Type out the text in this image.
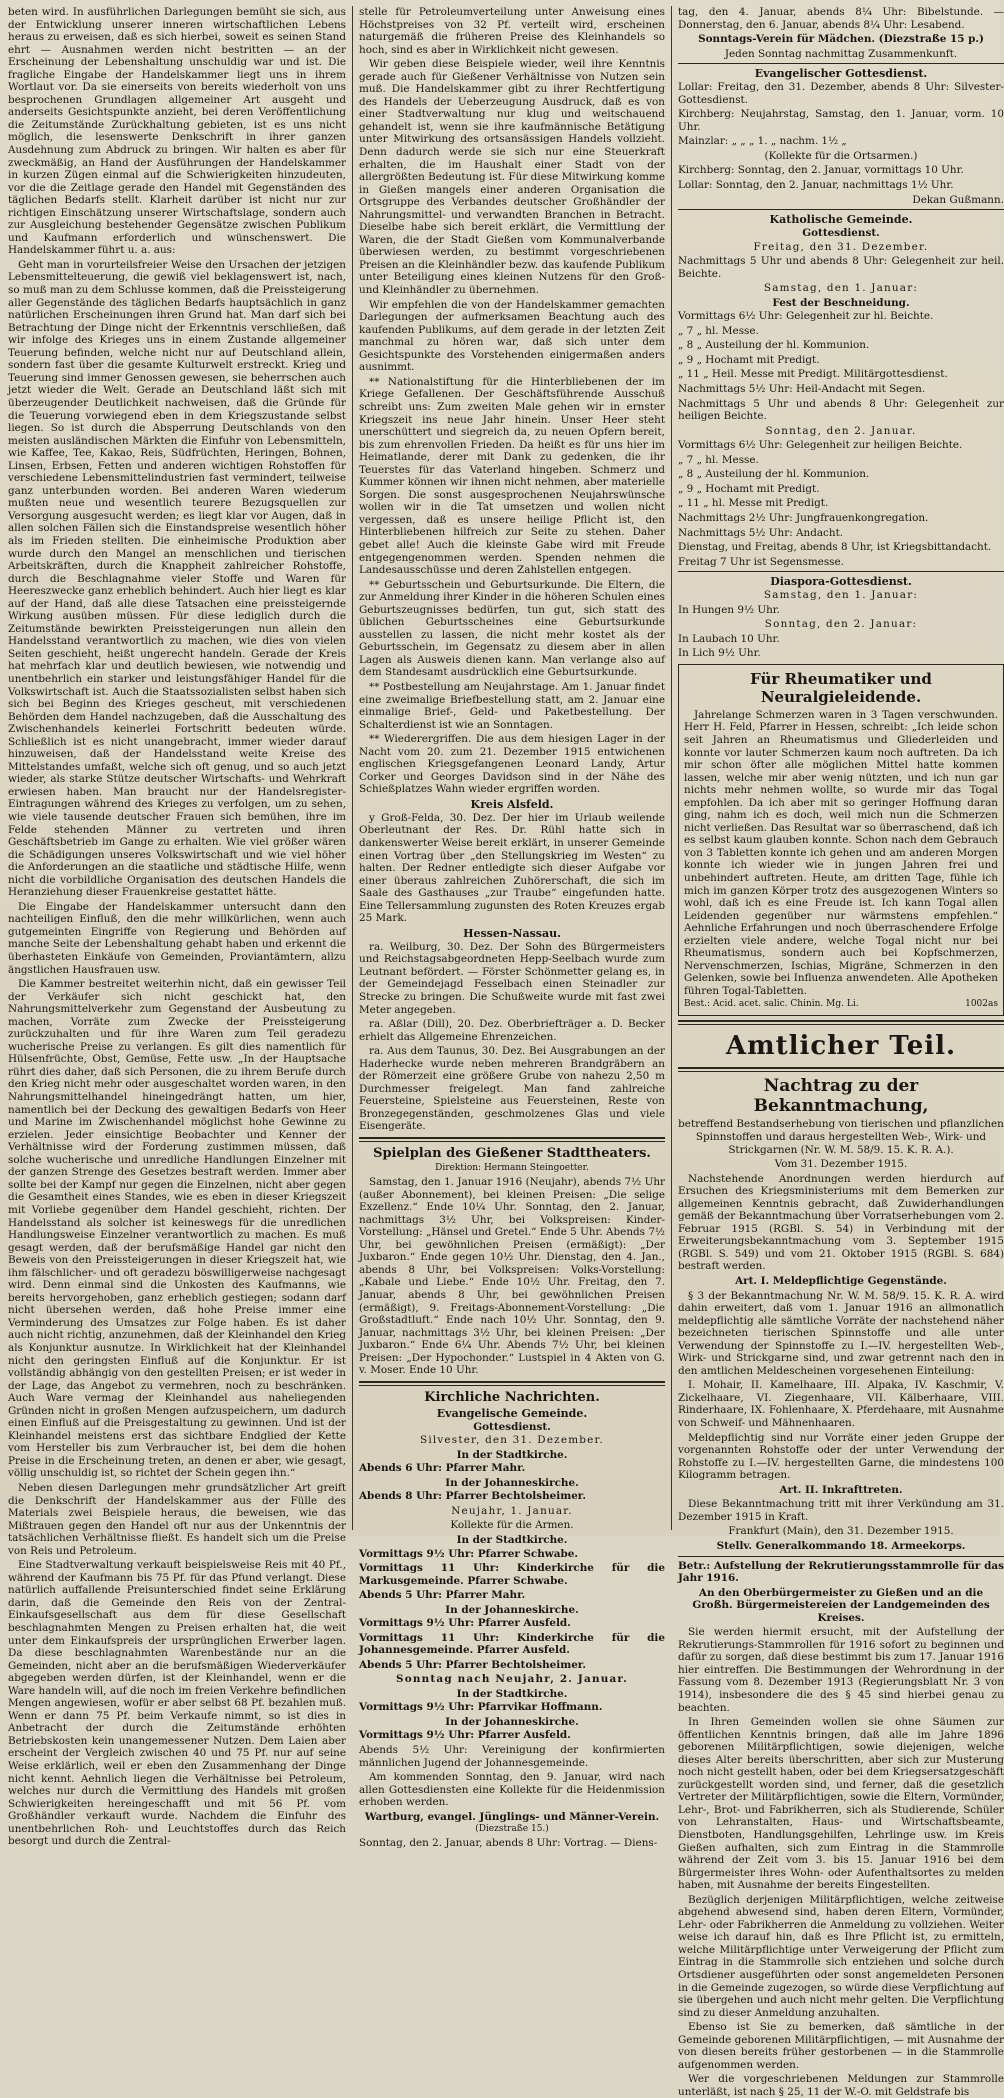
beten wird. In ausführlichen Darlegungen bemüht sie sich, aus der Entwicklung unserer inneren wirtschaftlichen Lebens heraus zu erweisen, daß es sich hierbei, soweit es seinen Stand ehrt — Ausnahmen werden nicht bestritten — an der Erscheinung der Lebenshaltung unschuldig war und ist. Die fragliche Eingabe der Handelskammer liegt uns in ihrem Wortlaut vor. Da sie einerseits von bereits wiederholt von uns besprochenen Grundlagen allgemeiner Art ausgeht und anderseits Gesichtspunkte anzieht, bei deren Veröffentlichung die Zeitumstände Zurückhaltung gebieten, ist es uns nicht möglich, die lesenswerte Denkschrift in ihrer ganzen Ausdehnung zum Abdruck zu bringen. Wir halten es aber für zweckmäßig, an Hand der Ausführungen der Handelskammer in kurzen Zügen einmal auf die Schwierigkeiten hinzudeuten, vor die die Zeitlage gerade den Handel mit Gegenständen des täglichen Bedarfs stellt. Klarheit darüber ist nicht nur zur richtigen Einschätzung unserer Wirtschaftslage, sondern auch zur Ausgleichung bestehender Gegensätze zwischen Publikum und Kaufmann erforderlich und wünschenswert. Die Handelskammer führt u. a. aus:

Geht man in vorurteilsfreier Weise den Ursachen der jetzigen Lebensmittelteuerung, die gewiß viel beklagenswert ist, nach, so muß man zu dem Schlusse kommen, daß die Preissteigerung aller Gegenstände des täglichen Bedarfs hauptsächlich in ganz natürlichen Erscheinungen ihren Grund hat. Man darf sich bei Betrachtung der Dinge nicht der Erkenntnis verschließen, daß wir infolge des Krieges uns in einem Zustande allgemeiner Teuerung befinden, welche nicht nur auf Deutschland allein, sondern fast über die gesamte Kulturwelt erstreckt. Krieg und Teuerung sind immer Genossen gewesen, sie beherrschen auch jetzt wieder die Welt. Gerade an Deutschland läßt sich mit überzeugender Deutlichkeit nachweisen, daß die Gründe für die Teuerung vorwiegend eben in dem Kriegszustande selbst liegen. So ist durch die Absperrung Deutschlands von den meisten ausländischen Märkten die Einfuhr von Lebensmitteln, wie Kaffee, Tee, Kakao, Reis, Südfrüchten, Heringen, Bohnen, Linsen, Erbsen, Fetten und anderen wichtigen Rohstoffen für verschiedene Lebensmittelindustrien fast vermindert, teilweise ganz unterbunden worden. Bei anderen Waren wiederum mußten neue und wesentlich teurere Bezugsquellen zur Versorgung ausgesucht werden; es liegt klar vor Augen, daß in allen solchen Fällen sich die Einstandspreise wesentlich höher als im Frieden stellten. Die einheimische Produktion aber wurde durch den Mangel an menschlichen und tierischen Arbeitskräften, durch die Knappheit zahlreicher Rohstoffe, durch die Beschlagnahme vieler Stoffe und Waren für Heereszwecke ganz erheblich behindert. Auch hier liegt es klar auf der Hand, daß alle diese Tatsachen eine preissteigernde Wirkung ausüben müssen. Für diese lediglich durch die Zeitumstände bewirkten Preissteigerungen nun allein den Handelsstand verantwortlich zu machen, wie dies von vielen Seiten geschieht, heißt ungerecht handeln. Gerade der Kreis hat mehrfach klar und deutlich bewiesen, wie notwendig und unentbehrlich ein starker und leistungsfähiger Handel für die Volkswirtschaft ist. Auch die Staatssozialisten selbst haben sich sich bei Beginn des Krieges gescheut, mit verschiedenen Behörden dem Handel nachzugeben, daß die Ausschaltung des Zwischenhandels keinerlei Fortschritt bedeuten würde. Schließlich ist es nicht unangebracht, immer wieder darauf hinzuweisen, daß der Handelsstand weite Kreise des Mittelstandes umfaßt, welche sich oft genug, und so auch jetzt wieder, als starke Stütze deutscher Wirtschafts- und Wehrkraft erwiesen haben. Man braucht nur der Handelsregister-Eintragungen während des Krieges zu verfolgen, um zu sehen, wie viele tausende deutscher Frauen sich bemühen, ihre im Felde stehenden Männer zu vertreten und ihren Geschäftsbetrieb im Gange zu erhalten. Wie viel größer wären die Schädigungen unseres Volkswirtschaft und wie viel höher die Anforderungen an die staatliche und städtische Hilfe, wenn nicht die vorbildliche Organisation des deutschen Handels die Heranziehung dieser Frauenkreise gestattet hätte.

Die Eingabe der Handelskammer untersucht dann den nachteiligen Einfluß, den die mehr willkürlichen, wenn auch gutgemeinten Eingriffe von Regierung und Behörden auf manche Seite der Lebenshaltung gehabt haben und erkennt die überhasteten Einkäufe von Gemeinden, Proviantämtern, allzu ängstlichen Hausfrauen usw.

Die Kammer bestreitet weiterhin nicht, daß ein gewisser Teil der Verkäufer sich nicht geschickt hat, den Nahrungsmittelverkehr zum Gegenstand der Ausbeutung zu machen, Vorräte zum Zwecke der Preissteigerung zurückzuhalten und für ihre Waren zum Teil geradezu wucherische Preise zu verlangen. Es gilt dies namentlich für Hülsenfrüchte, Obst, Gemüse, Fette usw. „In der Hauptsache rührt dies daher, daß sich Personen, die zu ihrem Berufe durch den Krieg nicht mehr oder ausgeschaltet worden waren, in den Nahrungsmittelhandel hineingedrängt hatten, um hier, namentlich bei der Deckung des gewaltigen Bedarfs von Heer und Marine im Zwischenhandel möglichst hohe Gewinne zu erzielen. Jeder einsichtige Beobachter und Kenner der Verhältnisse wird der Forderung zustimmen müssen, daß solche wucherische und unredliche Handlungen Einzelner mit der ganzen Strenge des Gesetzes bestraft werden. Immer aber sollte bei der Kampf nur gegen die Einzelnen, nicht aber gegen die Gesamtheit eines Standes, wie es eben in dieser Kriegszeit mit Vorliebe gegenüber dem Handel geschieht, richten. Der Handelsstand als solcher ist keineswegs für die unredlichen Handlungsweise Einzelner verantwortlich zu machen. Es muß gesagt werden, daß der berufsmäßige Handel gar nicht den Beweis von den Preissteigerungen in dieser Kriegszeit hat, wie ihm fälschlicher- und oft geradezu böswilligerweise nachgesagt wird. Denn einmal sind die Unkosten des Kaufmanns, wie bereits hervorgehoben, ganz erheblich gestiegen; sodann darf nicht übersehen werden, daß hohe Preise immer eine Verminderung des Umsatzes zur Folge haben. Es ist daher auch nicht richtig, anzunehmen, daß der Kleinhandel den Krieg als Konjunktur ausnutze. In Wirklichkeit hat der Kleinhandel nicht den geringsten Einfluß auf die Konjunktur. Er ist vollständig abhängig von den gestellten Preisen; er ist weder in der Lage, das Angebot zu vermehren, noch zu beschränken. Auch Ware vermag der Kleinhandel aus naheliegenden Gründen nicht in großen Mengen aufzuspeichern, um dadurch einen Einfluß auf die Preisgestaltung zu gewinnen. Und ist der Kleinhandel meistens erst das sichtbare Endglied der Kette vom Hersteller bis zum Verbraucher ist, bei dem die hohen Preise in die Erscheinung treten, an denen er aber, wie gesagt, völlig unschuldig ist, so richtet der Schein gegen ihn.“

Neben diesen Darlegungen mehr grundsätzlicher Art greift die Denkschrift der Handelskammer aus der Fülle des Materials zwei Beispiele heraus, die beweisen, wie das Mißtrauen gegen den Handel oft nur aus der Unkenntnis der tatsächlichen Verhältnisse fließt. Es handelt sich um die Preise von Reis und Petroleum.

Eine Stadtverwaltung verkauft beispielsweise Reis mit 40 Pf., während der Kaufmann bis 75 Pf. für das Pfund verlangt. Diese natürlich auffallende Preisunterschied findet seine Erklärung darin, daß die Gemeinde den Reis von der Zentral-Einkaufsgesellschaft aus dem für diese Gesellschaft beschlagnahmten Mengen zu Preisen erhalten hat, die weit unter dem Einkaufspreis der ursprünglichen Erwerber lagen. Da diese beschlagnahmten Warenbestände nur an die Gemeinden, nicht aber an die berufsmäßigen Wiederverkäufer abgegeben werden dürfen, ist der Kleinhandel, wenn er die Ware handeln will, auf die noch im freien Verkehre befindlichen Mengen angewiesen, wofür er aber selbst 68 Pf. bezahlen muß. Wenn er dann 75 Pf. beim Verkaufe nimmt, so ist dies in Anbetracht der durch die Zeitumstände erhöhten Betriebskosten kein unangemessener Nutzen. Dem Laien aber erscheint der Vergleich zwischen 40 und 75 Pf. nur auf seine Weise erklärlich, weil er eben den Zusammenhang der Dinge nicht kennt. Aehnlich liegen die Verhältnisse bei Petroleum, welches nur durch die Vermittlung des Handels mit großen Schwierigkeiten hereingeschafft und mit 56 Pf. vom Großhändler verkauft wurde. Nachdem die Einfuhr des unentbehrlichen Roh- und Leuchtstoffes durch das Reich besorgt und durch die Zentral-

stelle für Petroleumverteilung unter Anweisung eines Höchstpreises von 32 Pf. verteilt wird, erscheinen naturgemäß die früheren Preise des Kleinhandels so hoch, sind es aber in Wirklichkeit nicht gewesen.

Wir geben diese Beispiele wieder, weil ihre Kenntnis gerade auch für Gießener Verhältnisse von Nutzen sein muß. Die Handelskammer gibt zu ihrer Rechtfertigung des Handels der Ueberzeugung Ausdruck, daß es von einer Stadtverwaltung nur klug und weitschauend gehandelt ist, wenn sie ihre kaufmännische Betätigung unter Mitwirkung des ortsansässigen Handels vollzieht. Denn dadurch werde sie sich nur eine Steuerkraft erhalten, die im Haushalt einer Stadt von der allergrößten Bedeutung ist. Für diese Mitwirkung komme in Gießen mangels einer anderen Organisation die Ortsgruppe des Verbandes deutscher Großhändler der Nahrungsmittel- und verwandten Branchen in Betracht. Dieselbe habe sich bereit erklärt, die Vermittlung der Waren, die der Stadt Gießen vom Kommunalverbande überwiesen werden, zu bestimmt vorgeschriebenen Preisen an die Kleinhändler bezw. das kaufende Publikum unter Beteiligung eines kleinen Nutzens für den Groß- und Kleinhändler zu übernehmen.

Wir empfehlen die von der Handelskammer gemachten Darlegungen der aufmerksamen Beachtung auch des kaufenden Publikums, auf dem gerade in der letzten Zeit manchmal zu hören war, daß sich unter dem Gesichtspunkte des Vorstehenden einigermaßen anders ausnimmt.

** Nationalstiftung für die Hinterbliebenen der im Kriege Gefallenen. Der Geschäftsführende Ausschuß schreibt uns: Zum zweiten Male gehen wir in ernster Kriegszeit ins neue Jahr hinein. Unser Heer steht unerschüttert und siegreich da, zu neuen Opfern bereit, bis zum ehrenvollen Frieden. Da heißt es für uns hier im Heimatlande, derer mit Dank zu gedenken, die ihr Teuerstes für das Vaterland hingeben. Schmerz und Kummer können wir ihnen nicht nehmen, aber materielle Sorgen. Die sonst ausgesprochenen Neujahrswünsche wollen wir in die Tat umsetzen und wollen nicht vergessen, daß es unsere heilige Pflicht ist, den Hinterbliebenen hilfreich zur Seite zu stehen. Daher gebet alle! Auch die kleinste Gabe wird mit Freude entgegengenommen werden. Spenden nehmen die Landesausschüsse und deren Zahlstellen entgegen.

** Geburtsschein und Geburtsurkunde. Die Eltern, die zur Anmeldung ihrer Kinder in die höheren Schulen eines Geburtszeugnisses bedürfen, tun gut, sich statt des üblichen Geburtsscheines eine Geburtsurkunde ausstellen zu lassen, die nicht mehr kostet als der Geburtsschein, im Gegensatz zu diesem aber in allen Lagen als Ausweis dienen kann. Man verlange also auf dem Standesamt ausdrücklich eine Geburtsurkunde.

** Postbestellung am Neujahrstage. Am 1. Januar findet eine zweimalige Briefbestellung statt, am 2. Januar eine einmalige Brief-, Geld- und Paketbestellung. Der Schalterdienst ist wie an Sonntagen.

** Wiederergriffen. Die aus dem hiesigen Lager in der Nacht vom 20. zum 21. Dezember 1915 entwichenen englischen Kriegsgefangenen Leonard Landy, Artur Corker und Georges Davidson sind in der Nähe des Schießplatzes Wahn wieder ergriffen worden.

Kreis Alsfeld.

y Groß-Felda, 30. Dez. Der hier im Urlaub weilende Oberleutnant der Res. Dr. Rühl hatte sich in dankenswerter Weise bereit erklärt, in unserer Gemeinde einen Vortrag über „den Stellungskrieg im Westen“ zu halten. Der Redner entledigte sich dieser Aufgabe vor einer überaus zahlreichen Zuhörerschaft, die sich im Saale des Gasthauses „zur Traube“ eingefunden hatte. Eine Tellersammlung zugunsten des Roten Kreuzes ergab 25 Mark.

Hessen-Nassau.

ra. Weilburg, 30. Dez. Der Sohn des Bürgermeisters und Reichstagsabgeordneten Hepp-Seelbach wurde zum Leutnant befördert. — Förster Schönmetter gelang es, in der Gemeindejagd Fesselbach einen Steinadler zur Strecke zu bringen. Die Schußweite wurde mit fast zwei Meter angegeben.

ra. Aßlar (Dill), 20. Dez. Oberbriefträger a. D. Becker erhielt das Allgemeine Ehrenzeichen.

ra. Aus dem Taunus, 30. Dez. Bei Ausgrabungen an der Haderhecke wurde neben mehreren Brandgräbern an der Römerzeit eine größere Grube von nahezu 2,50 m Durchmesser freigelegt. Man fand zahlreiche Feuersteine, Spielsteine aus Feuersteinen, Reste von Bronzegegenständen, geschmolzenes Glas und viele Eisengeräte.

Spielplan des Gießener Stadttheaters.

Direktion: Hermann Steingoetter.

Samstag, den 1. Januar 1916 (Neujahr), abends 7½ Uhr (außer Abonnement), bei kleinen Preisen: „Die selige Exzellenz.“ Ende 10¼ Uhr. Sonntag, den 2. Januar, nachmittags 3½ Uhr, bei Volkspreisen: Kinder-Vorstellung: „Hänsel und Gretel.“ Ende 5 Uhr. Abends 7½ Uhr, bei gewöhnlichen Preisen (ermäßigt): „Der Juxbaron.“ Ende gegen 10½ Uhr. Dienstag, den 4. Jan., abends 8 Uhr, bei Volkspreisen: Volks-Vorstellung: „Kabale und Liebe.“ Ende 10½ Uhr. Freitag, den 7. Januar, abends 8 Uhr, bei gewöhnlichen Preisen (ermäßigt), 9. Freitags-Abonnement-Vorstellung: „Die Großstadtluft.“ Ende nach 10½ Uhr. Sonntag, den 9. Januar, nachmittags 3½ Uhr, bei kleinen Preisen: „Der Juxbaron.“ Ende 6¼ Uhr. Abends 7½ Uhr, bei kleinen Preisen: „Der Hypochonder.“ Lustspiel in 4 Akten von G. v. Moser. Ende 10 Uhr.

Kirchliche Nachrichten.
Evangelische Gemeinde.
Gottesdienst.

Silvester, den 31. Dezember.

In der Stadtkirche.

Abends 6 Uhr: Pfarrer Mahr.

In der Johanneskirche.

Abends 8 Uhr: Pfarrer Bechtolsheimer.

Neujahr, 1. Januar.

Kollekte für die Armen.

In der Stadtkirche.

Vormittags 9½ Uhr: Pfarrer Schwabe.

Vormittags 11 Uhr: Kinderkirche für die Markusgemeinde. Pfarrer Schwabe.

Abends 5 Uhr: Pfarrer Mahr.

In der Johanneskirche.

Vormittags 9½ Uhr: Pfarrer Ausfeld.

Vormittags 11 Uhr: Kinderkirche für die Johannesgemeinde. Pfarrer Ausfeld.

Abends 5 Uhr: Pfarrer Bechtolsheimer.

Sonntag nach Neujahr, 2. Januar.

In der Stadtkirche.

Vormittags 9½ Uhr: Pfarrvikar Hoffmann.

In der Johanneskirche.

Vormittags 9½ Uhr: Pfarrer Ausfeld.

Abends 5½ Uhr: Vereinigung der konfirmierten männlichen Jugend der Johannesgemeinde.

Am kommenden Sonntag, den 9. Januar, wird nach allen Gottesdiensten eine Kollekte für die Heidenmission erhoben werden.

Wartburg, evangel. Jünglings- und Männer-Verein.

(Diezstraße 15.)

Sonntag, den 2. Januar, abends 8 Uhr: Vortrag. — Diens-

tag, den 4. Januar, abends 8¼ Uhr: Bibelstunde. — Donnerstag, den 6. Januar, abends 8¼ Uhr: Lesabend.

Sonntags-Verein für Mädchen. (Diezstraße 15 p.)

Jeden Sonntag nachmittag Zusammenkunft.

Evangelischer Gottesdienst.

Lollar: Freitag, den 31. Dezember, abends 8 Uhr: Silvester-Gottesdienst.

Kirchberg: Neujahrstag, Samstag, den 1. Januar, vorm. 10 Uhr.

Mainzlar: „ „ „ 1. „ nachm. 1½ „

(Kollekte für die Ortsarmen.)

Kirchberg: Sonntag, den 2. Januar, vormittags 10 Uhr.

Lollar: Sonntag, den 2. Januar, nachmittags 1½ Uhr.

Dekan Gußmann.

Katholische Gemeinde.
Gottesdienst.

Freitag, den 31. Dezember.

Nachmittags 5 Uhr und abends 8 Uhr: Gelegenheit zur heil. Beichte.

Samstag, den 1. Januar:

Fest der Beschneidung.

Vormittags 6½ Uhr: Gelegenheit zur hl. Beichte.

„ 7 „ hl. Messe.

„ 8 „ Austeilung der hl. Kommunion.

„ 9 „ Hochamt mit Predigt.

„ 11 „ Heil. Messe mit Predigt. Militärgottesdienst.

Nachmittags 5½ Uhr: Heil-Andacht mit Segen.

Nachmittags 5 Uhr und abends 8 Uhr: Gelegenheit zur heiligen Beichte.

Sonntag, den 2. Januar.

Vormittags 6½ Uhr: Gelegenheit zur heiligen Beichte.

„ 7 „ hl. Messe.

„ 8 „ Austeilung der hl. Kommunion.

„ 9 „ Hochamt mit Predigt.

„ 11 „ hl. Messe mit Predigt.

Nachmittags 2½ Uhr: Jungfrauenkongregation.

Nachmittags 5½ Uhr: Andacht.

Dienstag, und Freitag, abends 8 Uhr, ist Kriegsbittandacht.

Freitag 7 Uhr ist Segensmesse.

Diaspora-Gottesdienst.

Samstag, den 1. Januar:

In Hungen 9½ Uhr.

Sonntag, den 2. Januar:

In Laubach 10 Uhr.

In Lich 9½ Uhr.

Für Rheumatiker und Neuralgieleidende.

Jahrelange Schmerzen waren in 3 Tagen verschwunden. Herr H. Feld, Pfarrer in Hessen, schreibt: „Ich leide schon seit Jahren an Rheumatismus und Gliederleiden und konnte vor lauter Schmerzen kaum noch auftreten. Da ich mir schon öfter alle möglichen Mittel hatte kommen lassen, welche mir aber wenig nützten, und ich nun gar nichts mehr nehmen wollte, so wurde mir das Togal empfohlen. Da ich aber mit so geringer Hoffnung daran ging, nahm ich es doch, weil mich nun die Schmerzen nicht verließen. Das Resultat war so überraschend, daß ich es selbst kaum glauben konnte. Schon nach dem Gebrauch von 3 Tabletten konnte ich gehen und am anderen Morgen konnte ich wieder wie in jungen Jahren frei und unbehindert auftreten. Heute, am dritten Tage, fühle ich mich im ganzen Körper trotz des ausgezogenen Winters so wohl, daß ich es eine Freude ist. Ich kann Togal allen Leidenden gegenüber nur wärmstens empfehlen.“ Aehnliche Erfahrungen und noch überraschendere Erfolge erzielten viele andere, welche Togal nicht nur bei Rheumatismus, sondern auch bei Kopfschmerzen, Nervenschmerzen, Ischias, Migräne, Schmerzen in den Gelenken, sowie bei Influenza anwendeten. Alle Apotheken führen Togal-Tabletten.

Best.: Acid. acet. salic. Chinin. Mg. Li.	1002as

Amtlicher Teil.
Nachtrag zu der Bekanntmachung,

betreffend Bestandserhebung von tierischen und pflanzlichen Spinnstoffen und daraus hergestellten Web-, Wirk- und Strickgarnen (Nr. W. M. 58/9. 15. K. R. A.).

Vom 31. Dezember 1915.

Nachstehende Anordnungen werden hierdurch auf Ersuchen des Kriegsministeriums mit dem Bemerken zur allgemeinen Kenntnis gebracht, daß Zuwiderhandlungen gemäß der Bekanntmachung über Vorratserhebungen vom 2. Februar 1915 (RGBl. S. 54) in Verbindung mit der Erweiterungsbekanntmachung vom 3. September 1915 (RGBl. S. 549) und vom 21. Oktober 1915 (RGBl. S. 684) bestraft werden.

Art. I. Meldepflichtige Gegenstände.

§ 3 der Bekanntmachung Nr. W. M. 58/9. 15. K. R. A. wird dahin erweitert, daß vom 1. Januar 1916 an allmonatlich meldepflichtig alle sämtliche Vorräte der nachstehend näher bezeichneten tierischen Spinnstoffe und alle unter Verwendung der Spinnstoffe zu I.—IV. hergestellten Web-, Wirk- und Strickgarne sind, und zwar getrennt nach den in den amtlichen Meldescheinen vorgesehenen Einteilung:

I. Mohair, II. Kamelhaare, III. Alpaka, IV. Kaschmir, V. Zickelhaare, VI. Ziegenhaare, VII. Kälberhaare, VIII. Rinderhaare, IX. Fohlenhaare, X. Pferdehaare, mit Ausnahme von Schweif- und Mähnenhaaren.

Meldepflichtig sind nur Vorräte einer jeden Gruppe der vorgenannten Rohstoffe oder der unter Verwendung der Rohstoffe zu I.—IV. hergestellten Garne, die mindestens 100 Kilogramm betragen.

Art. II. Inkrafttreten.

Diese Bekanntmachung tritt mit ihrer Verkündung am 31. Dezember 1915 in Kraft.

Frankfurt (Main), den 31. Dezember 1915.

Stellv. Generalkommando 18. Armeekorps.

Betr.: Aufstellung der Rekrutierungsstammrolle für das Jahr 1916.

An den Oberbürgermeister zu Gießen und an die Großh. Bürgermeistereien der Landgemeinden des Kreises.

Sie werden hiermit ersucht, mit der Aufstellung der Rekrutierungs-Stammrollen für 1916 sofort zu beginnen und dafür zu sorgen, daß diese bestimmt bis zum 17. Januar 1916 hier eintreffen. Die Bestimmungen der Wehrordnung in der Fassung vom 8. Dezember 1913 (Regierungsblatt Nr. 3 von 1914), insbesondere die des § 45 sind hierbei genau zu beachten.

In Ihren Gemeinden wollen sie ohne Säumen zur öffentlichen Kenntnis bringen, daß alle im Jahre 1896 geborenen Militärpflichtigen, sowie diejenigen, welche dieses Alter bereits überschritten, aber sich zur Musterung noch nicht gestellt haben, oder bei dem Kriegsersatzgeschäft zurückgestellt worden sind, und ferner, daß die gesetzlich Vertreter der Militärpflichtigen, sowie die Eltern, Vormünder, Lehr-, Brot- und Fabrikherren, sich als Studierende, Schüler von Lehranstalten, Haus- und Wirtschaftsbeamte, Dienstboten, Handlungsgehilfen, Lehrlinge usw. im Kreis Gießen aufhalten, sich zum Eintrag in die Stammrolle während der Zeit vom 3. bis 15. Januar 1916 bei dem Bürgermeister ihres Wohn- oder Aufenthaltsortes zu melden haben, mit Ausnahme der bereits Eingestellten.

Bezüglich derjenigen Militärpflichtigen, welche zeitweise abgehend abwesend sind, haben deren Eltern, Vormünder, Lehr- oder Fabrikherren die Anmeldung zu vollziehen. Weiter weise ich darauf hin, daß es Ihre Pflicht ist, zu ermitteln, welche Militärpflichtige unter Verweigerung der Pflicht zum Eintrag in die Stammrolle sich entziehen und solche durch Ortsdiener ausgeführten oder sonst angemeldeten Personen in die Gemeinde zugezogen, so würde diese Verpflichtung auf sie übergehen und auch nicht mehr gelten. Die Verpflichtung sind zu dieser Anmeldung anzuhalten.

Ebenso ist Sie zu bemerken, daß sämtliche in der Gemeinde geborenen Militärpflichtigen, — mit Ausnahme der von diesen bereits früher gestorbenen — in die Stammrolle aufgenommen werden.

Wer die vorgeschriebenen Meldungen zur Stammrolle unterläßt, ist nach § 25, 11 der W.-O. mit Geldstrafe bis
